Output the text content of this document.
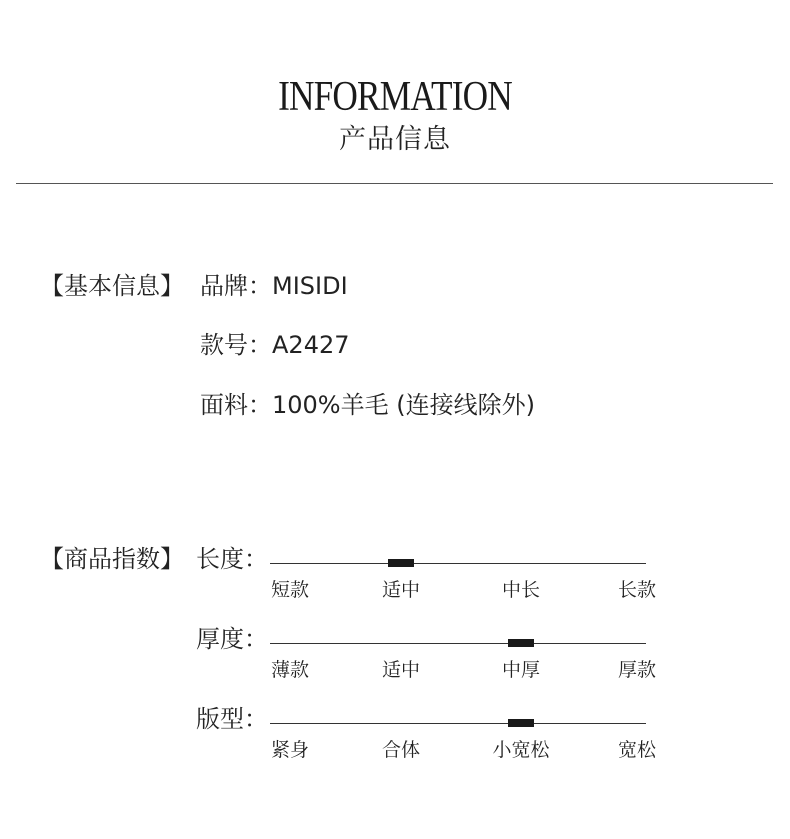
INFORMATION
产品信息
【基本信息】 品牌：MISIDI
款号：A2427
面料：100%羊毛 (连接线除外)
【商品指数】 长度：
短款	适中	中长	长款
厚度：
薄款	适中	中厚	厚款
版型：
紧身	合体	小宽松	宽松
